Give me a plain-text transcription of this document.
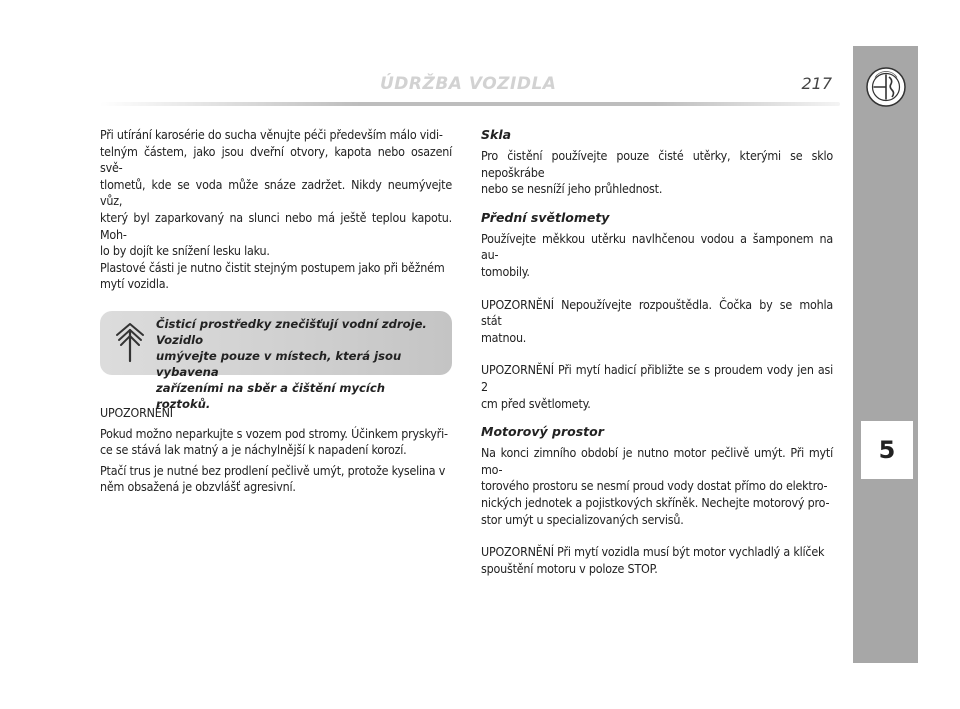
ÚDRŽBA VOZIDLA	217
5

Při utírání karosérie do sucha věnujte péči především málo vidi-

telným částem, jako jsou dveřní otvory, kapota nebo osazení svě-

tlometů, kde se voda může snáze zadržet. Nikdy neumývejte vůz,

který byl zaparkovaný na slunci nebo má ještě teplou kapotu. Moh-

lo by dojít ke snížení lesku laku.

Plastové části je nutno čistit stejným postupem jako při běžném

mytí vozidla.

Čisticí prostředky znečišťují vodní zdroje. Vozidlo
umývejte pouze v místech, která jsou vybavena
zařízeními na sběr a čištění mycích roztoků.

UPOZORNĚNÍ

Pokud možno neparkujte s vozem pod stromy. Účinkem pryskyři-

ce se stává lak matný a je náchylnější k napadení korozí.

Ptačí trus je nutné bez prodlení pečlivě umýt, protože kyselina v

něm obsažená je obzvlášť agresivní.

Skla

Pro čistění používejte pouze čisté utěrky, kterými se sklo nepoškrábe

nebo se nesníží jeho průhlednost.

Přední světlomety

Používejte měkkou utěrku navlhčenou vodou a šamponem na au-

tomobily.

UPOZORNĚNÍ Nepoužívejte rozpouštědla. Čočka by se mohla stát

matnou.

UPOZORNĚNÍ Při mytí hadicí přibližte se s proudem vody jen asi 2

cm před světlomety.

Motorový prostor

Na konci zimního období je nutno motor pečlivě umýt. Při mytí mo-

torového prostoru se nesmí proud vody dostat přímo do elektro-

nických jednotek a pojistkových skříněk. Nechejte motorový pro-

stor umýt u specializovaných servisů.

UPOZORNĚNÍ Při mytí vozidla musí být motor vychladlý a klíček

spouštění motoru v poloze STOP.
